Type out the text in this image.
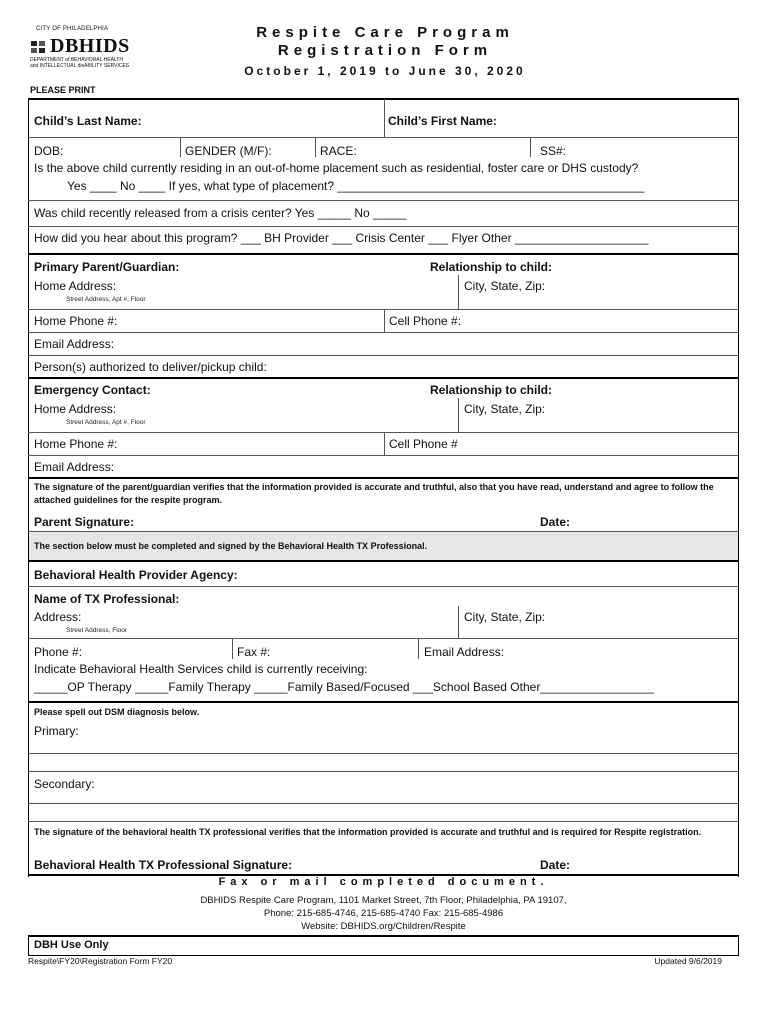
CITY OF PHILADELPHIA
DBHIDS
DEPARTMENT of BEHAVIORAL HEALTH
and INTELLECTUAL disABILITY SERVICES
Respite Care Program
Registration Form
October 1, 2019 to June 30, 2020
PLEASE PRINT
Child’s Last Name:	Child’s First Name:
DOB:	GENDER (M/F):	RACE:	SS#:
Is the above child currently residing in an out-of-home placement such as residential, foster care or DHS custody?
Yes ____ No ____ If yes, what type of placement? ______________________________________________
Was child recently released from a crisis center? Yes _____ No _____
How did you hear about this program? ___ BH Provider ___ Crisis Center ___ Flyer Other ____________________
Primary Parent/Guardian:	Relationship to child:
Home Address:
Street Address, Apt #, Floor
City, State, Zip:
Home Phone #:	Cell Phone #:
Email Address:
Person(s) authorized to deliver/pickup child:
Emergency Contact:	Relationship to child:
Home Address:
Street Address, Apt #, Floor
City, State, Zip:
Home Phone #:	Cell Phone #
Email Address:
The signature of the parent/guardian verifies that the information provided is accurate and truthful, also that you have read, understand and agree to follow the attached guidelines for the respite program.
Parent Signature:	Date:
The section below must be completed and signed by the Behavioral Health TX Professional.
Behavioral Health Provider Agency:
Name of TX Professional:
Address:
Street Address, Floor
City, State, Zip:
Phone #:	Fax #:	Email Address:
Indicate Behavioral Health Services child is currently receiving:
_____OP Therapy _____Family Therapy _____Family Based/Focused ___School Based Other_________________
Please spell out DSM diagnosis below.
Primary:
Secondary:
The signature of the behavioral health TX professional verifies that the information provided is accurate and truthful and is required for Respite registration.
Behavioral Health TX Professional Signature:	Date:
Fax or mail completed document.
DBHIDS Respite Care Program, 1101 Market Street, 7th Floor, Philadelphia, PA 19107,
Phone: 215-685-4746, 215-685-4740 Fax: 215-685-4986
Website: DBHIDS.org/Children/Respite
DBH Use Only
Respite\FY20\Registration Form FY20	Updated 9/6/2019
